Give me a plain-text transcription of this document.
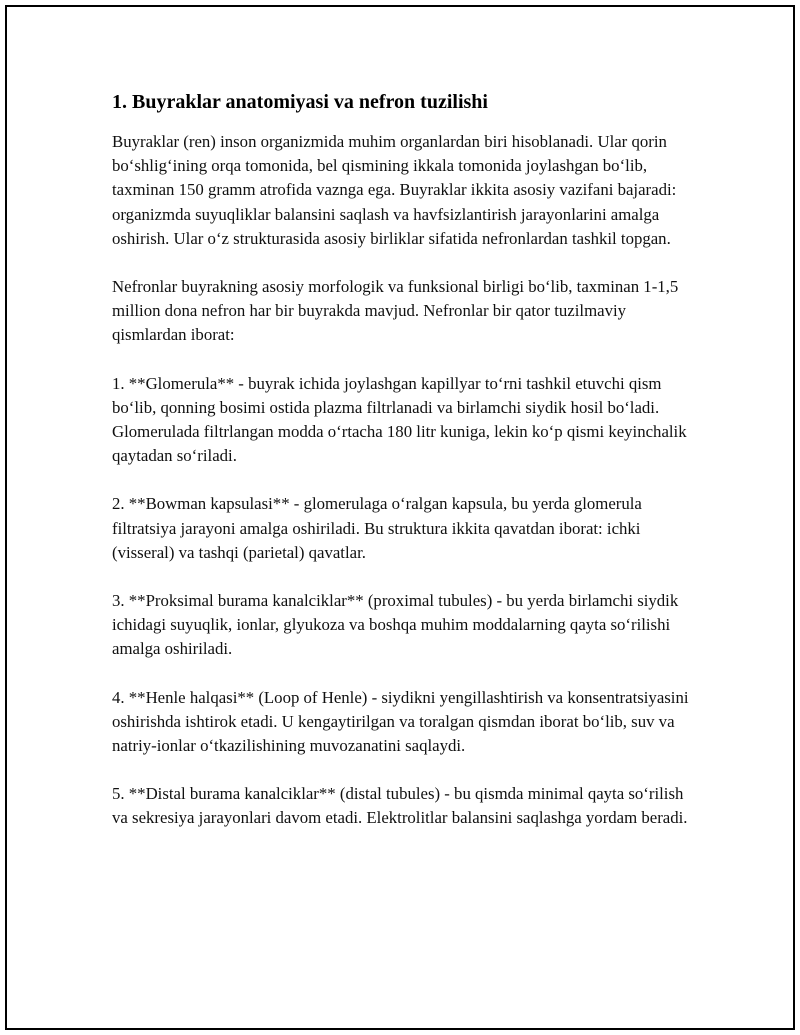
1. Buyraklar anatomiyasi va nefron tuzilishi

Buyraklar (ren) inson organizmida muhim organlardan biri hisoblanadi. Ular qorin bo‘shlig‘ining orqa tomonida, bel qismining ikkala tomonida joylashgan bo‘lib, taxminan 150 gramm atrofida vaznga ega. Buyraklar ikkita asosiy vazifani bajaradi: organizmda suyuqliklar balansini saqlash va havfsizlantirish jarayonlarini amalga oshirish. Ular o‘z strukturasida asosiy birliklar sifatida nefronlardan tashkil topgan.

Nefronlar buyrakning asosiy morfologik va funksional birligi bo‘lib, taxminan 1-1,5 million dona nefron har bir buyrakda mavjud. Nefronlar bir qator tuzilmaviy qismlardan iborat:

1. **Glomerula** - buyrak ichida joylashgan kapillyar to‘rni tashkil etuvchi qism bo‘lib, qonning bosimi ostida plazma filtrlanadi va birlamchi siydik hosil bo‘ladi. Glomerulada filtrlangan modda o‘rtacha 180 litr kuniga, lekin ko‘p qismi keyinchalik qaytadan so‘riladi.

2. **Bowman kapsulasi** - glomerulaga o‘ralgan kapsula, bu yerda glomerula filtratsiya jarayoni amalga oshiriladi. Bu struktura ikkita qavatdan iborat: ichki (visseral) va tashqi (parietal) qavatlar.

3. **Proksimal burama kanalciklar** (proximal tubules) - bu yerda birlamchi siydik ichidagi suyuqlik, ionlar, glyukoza va boshqa muhim moddalarning qayta so‘rilishi amalga oshiriladi.

4. **Henle halqasi** (Loop of Henle) - siydikni yengillashtirish va konsentratsiyasini oshirishda ishtirok etadi. U kengaytirilgan va toralgan qismdan iborat bo‘lib, suv va natriy-ionlar o‘tkazilishining muvozanatini saqlaydi.

5. **Distal burama kanalciklar** (distal tubules) - bu qismda minimal qayta so‘rilish va sekresiya jarayonlari davom etadi. Elektrolitlar balansini saqlashga yordam beradi.
